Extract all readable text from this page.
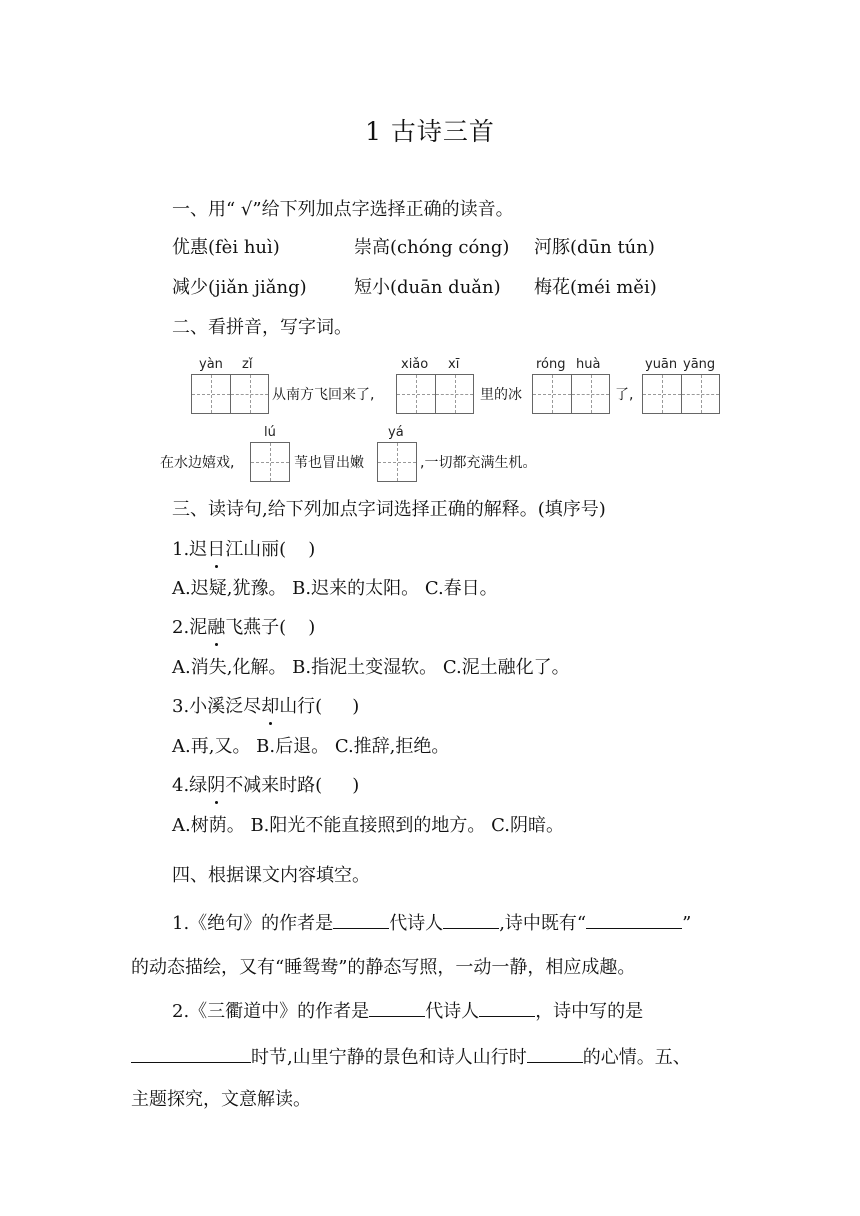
1 古诗三首
一、用“ √”给下列加点字选择正确的读音。
优惠(fèi huì)	崇高(chóng cóng) 河豚(dūn tún)
减少(jiǎn jiǎng)	短小(duān duǎn) 梅花(méi měi)
二、看拼音，写字词。
yàn zǐ
从南方飞回来了,
xiǎo xī
里的冰
róng huà
了,
yuān yāng
在水边嬉戏,
lú
苇也冒出嫩
yá
,一切都充满生机。
三、读诗句,给下列加点字词选择正确的解释。(填序号)
1.迟日江山丽( )
A.迟疑,犹豫。 B.迟来的太阳。 C.春日。
2.泥融飞燕子( )
A.消失,化解。 B.指泥土变湿软。 C.泥土融化了。
3.小溪泛尽却山行( )
A.再,又。 B.后退。 C.推辞,拒绝。
4.绿阴不减来时路( )
A.树荫。 B.阳光不能直接照到的地方。 C.阴暗。
四、根据课文内容填空。
1.《绝句》的作者是	代诗人	,诗中既有“	”
的动态描绘，又有“睡鸳鸯”的静态写照，一动一静，相应成趣。
2.《三衢道中》的作者是	代诗人	，诗中写的是
时节,山里宁静的景色和诗人山行时	的心情。五、
主题探究，文意解读。
